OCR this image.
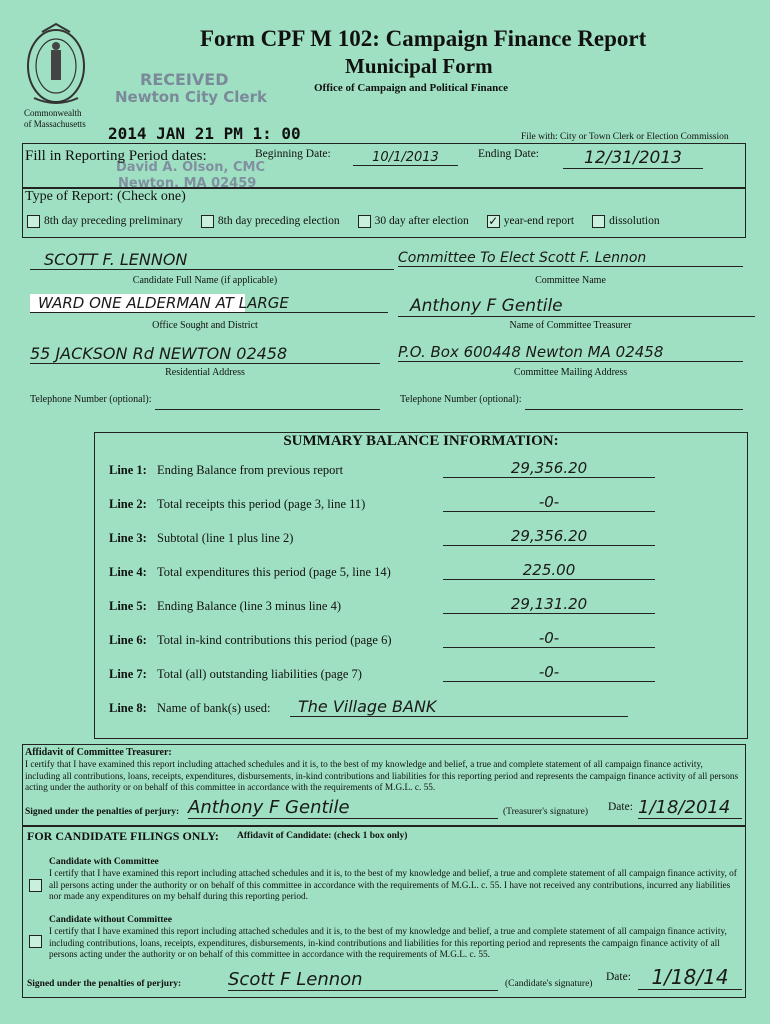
Commonwealth
of Massachusetts
Form CPF M 102: Campaign Finance Report
Municipal Form
Office of Campaign and Political Finance
RECEIVED
Newton City Clerk
2014 JAN 21 PM 1: 00
David A. Olson, CMC
Newton, MA 02459
File with: City or Town Clerk or Election Commission
Fill in Reporting Period dates:	Beginning Date:	10/1/2013	Ending Date:	12/31/2013
Type of Report: (Check one)
8th day preceding preliminary	8th day preceding election	30 day after election ✓ year-end report	dissolution
SCOTT F. LENNON
Candidate Full Name (if applicable)
Committee To Elect Scott F. Lennon
Committee Name
WARD ONE ALDERMAN AT LARGE
Office Sought and District
Anthony F Gentile
Name of Committee Treasurer
55 JACKSON Rd NEWTON 02458
Residential Address
P.O. Box 600448 Newton MA 02458
Committee Mailing Address
Telephone Number (optional):	Telephone Number (optional):
SUMMARY BALANCE INFORMATION:
Line 1: Ending Balance from previous report	29,356.20
Line 2: Total receipts this period (page 3, line 11)	-0-
Line 3: Subtotal (line 1 plus line 2)	29,356.20
Line 4: Total expenditures this period (page 5, line 14)	225.00
Line 5: Ending Balance (line 3 minus line 4)	29,131.20
Line 6: Total in-kind contributions this period (page 6)	-0-
Line 7: Total (all) outstanding liabilities (page 7)	-0-
Line 8: Name of bank(s) used:	The Village BANK
Affidavit of Committee Treasurer:
I certify that I have examined this report including attached schedules and it is, to the best of my knowledge and belief, a true and complete statement of all campaign finance activity, including all contributions, loans, receipts, expenditures, disbursements, in-kind contributions and liabilities for this reporting period and represents the campaign finance activity of all persons acting under the authority or on behalf of this committee in accordance with the requirements of M.G.L. c. 55.
Signed under the penalties of perjury: Anthony F Gentile	(Treasurer's signature) Date: 1/18/2014
FOR CANDIDATE FILINGS ONLY: Affidavit of Candidate: (check 1 box only)
Candidate with Committee
I certify that I have examined this report including attached schedules and it is, to the best of my knowledge and belief, a true and complete statement of all campaign finance activity, of all persons acting under the authority or on behalf of this committee in accordance with the requirements of M.G.L. c. 55. I have not received any contributions, incurred any liabilities nor made any expenditures on my behalf during this reporting period.
Candidate without Committee
I certify that I have examined this report including attached schedules and it is, to the best of my knowledge and belief, a true and complete statement of all campaign finance activity, including contributions, loans, receipts, expenditures, disbursements, in-kind contributions and liabilities for this reporting period and represents the campaign finance activity of all persons acting under the authority or on behalf of this committee in accordance with the requirements of M.G.L. c. 55.
Signed under the penalties of perjury:	Scott F Lennon	(Candidate's signature)
Date:	1/18/14
